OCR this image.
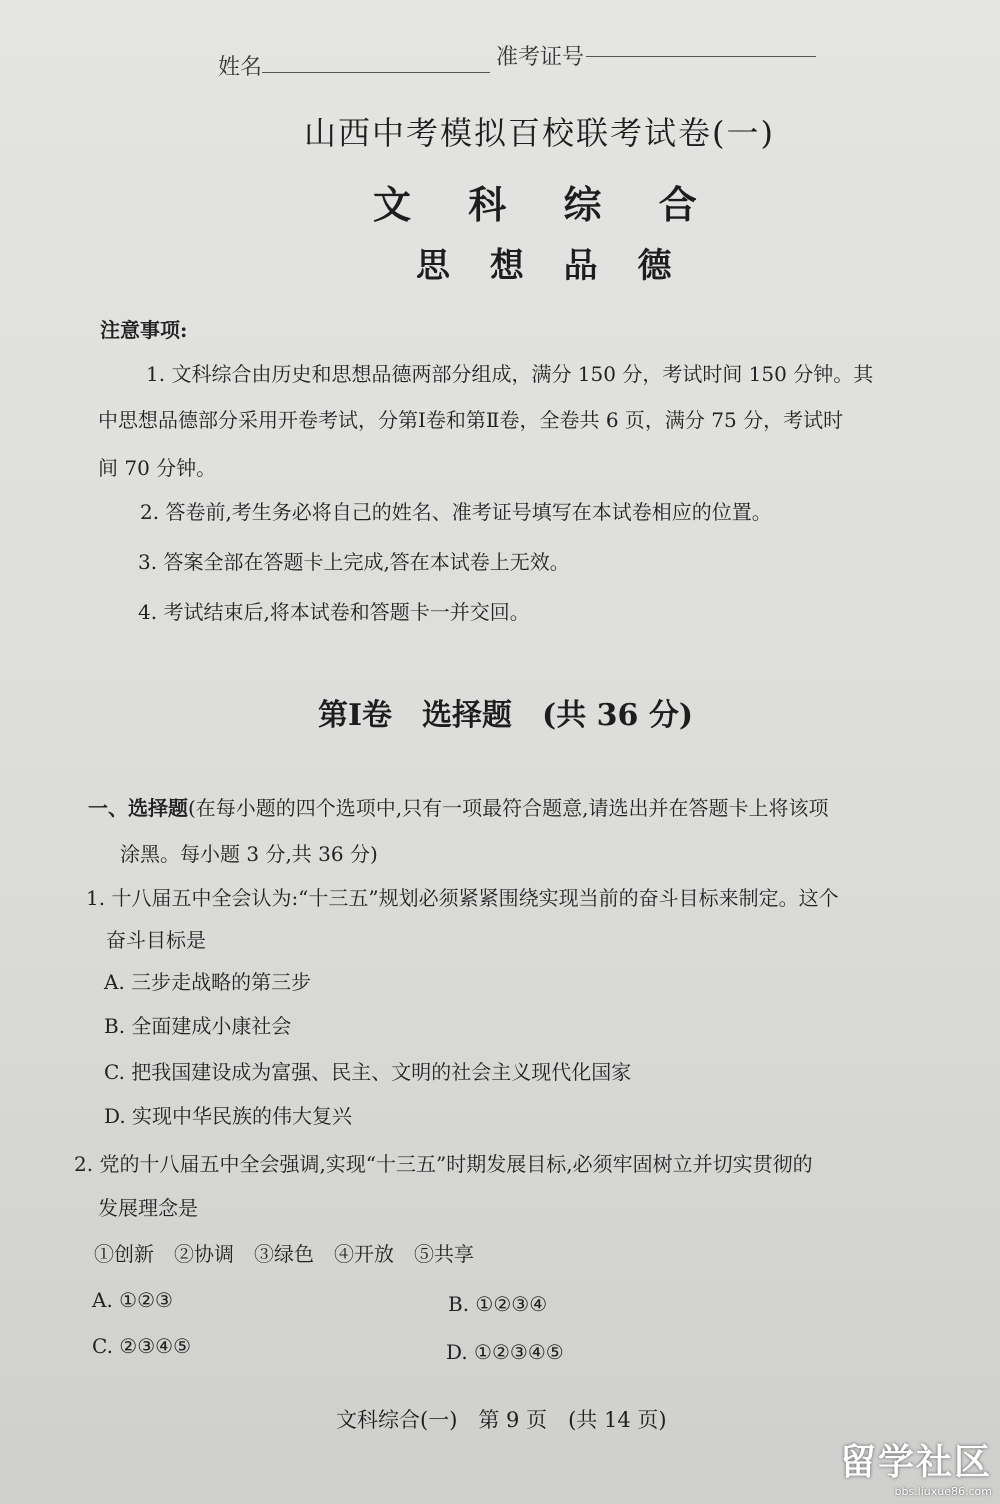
姓名	准考证号
山西中考模拟百校联考试卷(一)
文 科 综 合
思 想 品 德
注意事项:
1. 文科综合由历史和思想品德两部分组成，满分 150 分，考试时间 150 分钟。其
中思想品德部分采用开卷考试，分第Ⅰ卷和第Ⅱ卷，全卷共 6 页，满分 75 分，考试时
间 70 分钟。
2. 答卷前,考生务必将自己的姓名、准考证号填写在本试卷相应的位置。
3. 答案全部在答题卡上完成,答在本试卷上无效。
4. 考试结束后,将本试卷和答题卡一并交回。
第Ⅰ卷　选择题　(共 36 分)
一、选择题(在每小题的四个选项中,只有一项最符合题意,请选出并在答题卡上将该项
涂黑。每小题 3 分,共 36 分)
1. 十八届五中全会认为:“十三五”规划必须紧紧围绕实现当前的奋斗目标来制定。这个
奋斗目标是
A. 三步走战略的第三步
B. 全面建成小康社会
C. 把我国建设成为富强、民主、文明的社会主义现代化国家
D. 实现中华民族的伟大复兴
2. 党的十八届五中全会强调,实现“十三五”时期发展目标,必须牢固树立并切实贯彻的
发展理念是
①创新　②协调　③绿色　④开放　⑤共享
A. ①②③	B. ①②③④
C. ②③④⑤	D. ①②③④⑤
文科综合(一)　第 9 页　(共 14 页)
留学社区
bbs.liuxue86.com
